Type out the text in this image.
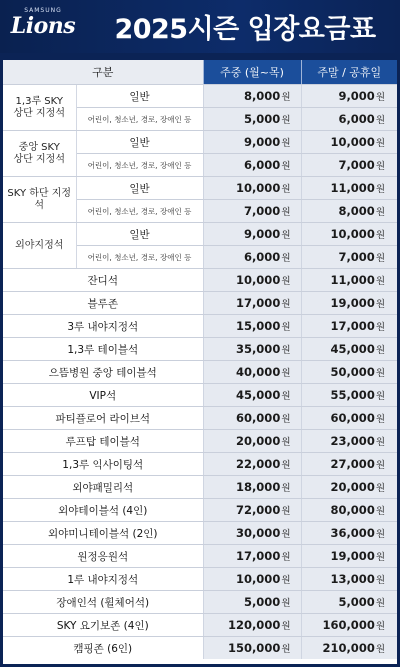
SAMSUNG
Lions	2025시즌 입장요금표
구분		주중 (월~목)	주말 / 공휴일

1,3루 SKY
상단 지정석	일반	8,000원	9,000원
	어린이, 청소년, 경로, 장애인 등	5,000원	6,000원

중앙 SKY
상단 지정석	일반	9,000원	10,000원
	어린이, 청소년, 경로, 장애인 등	6,000원	7,000원

SKY 하단 지정석	일반	10,000원	11,000원
	어린이, 청소년, 경로, 장애인 등	7,000원	8,000원

외야지정석	일반	9,000원	10,000원
	어린이, 청소년, 경로, 장애인 등	6,000원	7,000원
잔디석		10,000원	11,000원
블루존		17,000원	19,000원
3루 내야지정석		15,000원	17,000원
1,3루 테이블석		35,000원	45,000원
으뜸병원 중앙 테이블석		40,000원	50,000원
VIP석		45,000원	55,000원
파티플로어 라이브석		60,000원	60,000원
루프탑 테이블석		20,000원	23,000원
1,3루 익사이팅석		22,000원	27,000원
외야패밀리석		18,000원	20,000원
외야테이블석 (4인)		72,000원	80,000원
외야미니테이블석 (2인)		30,000원	36,000원
원정응원석		17,000원	19,000원
1루 내야지정석		10,000원	13,000원
장애인석 (휠체어석)		5,000원	5,000원
SKY 요기보존 (4인)		120,000원	160,000원
캠핑존 (6인)		150,000원	210,000원
